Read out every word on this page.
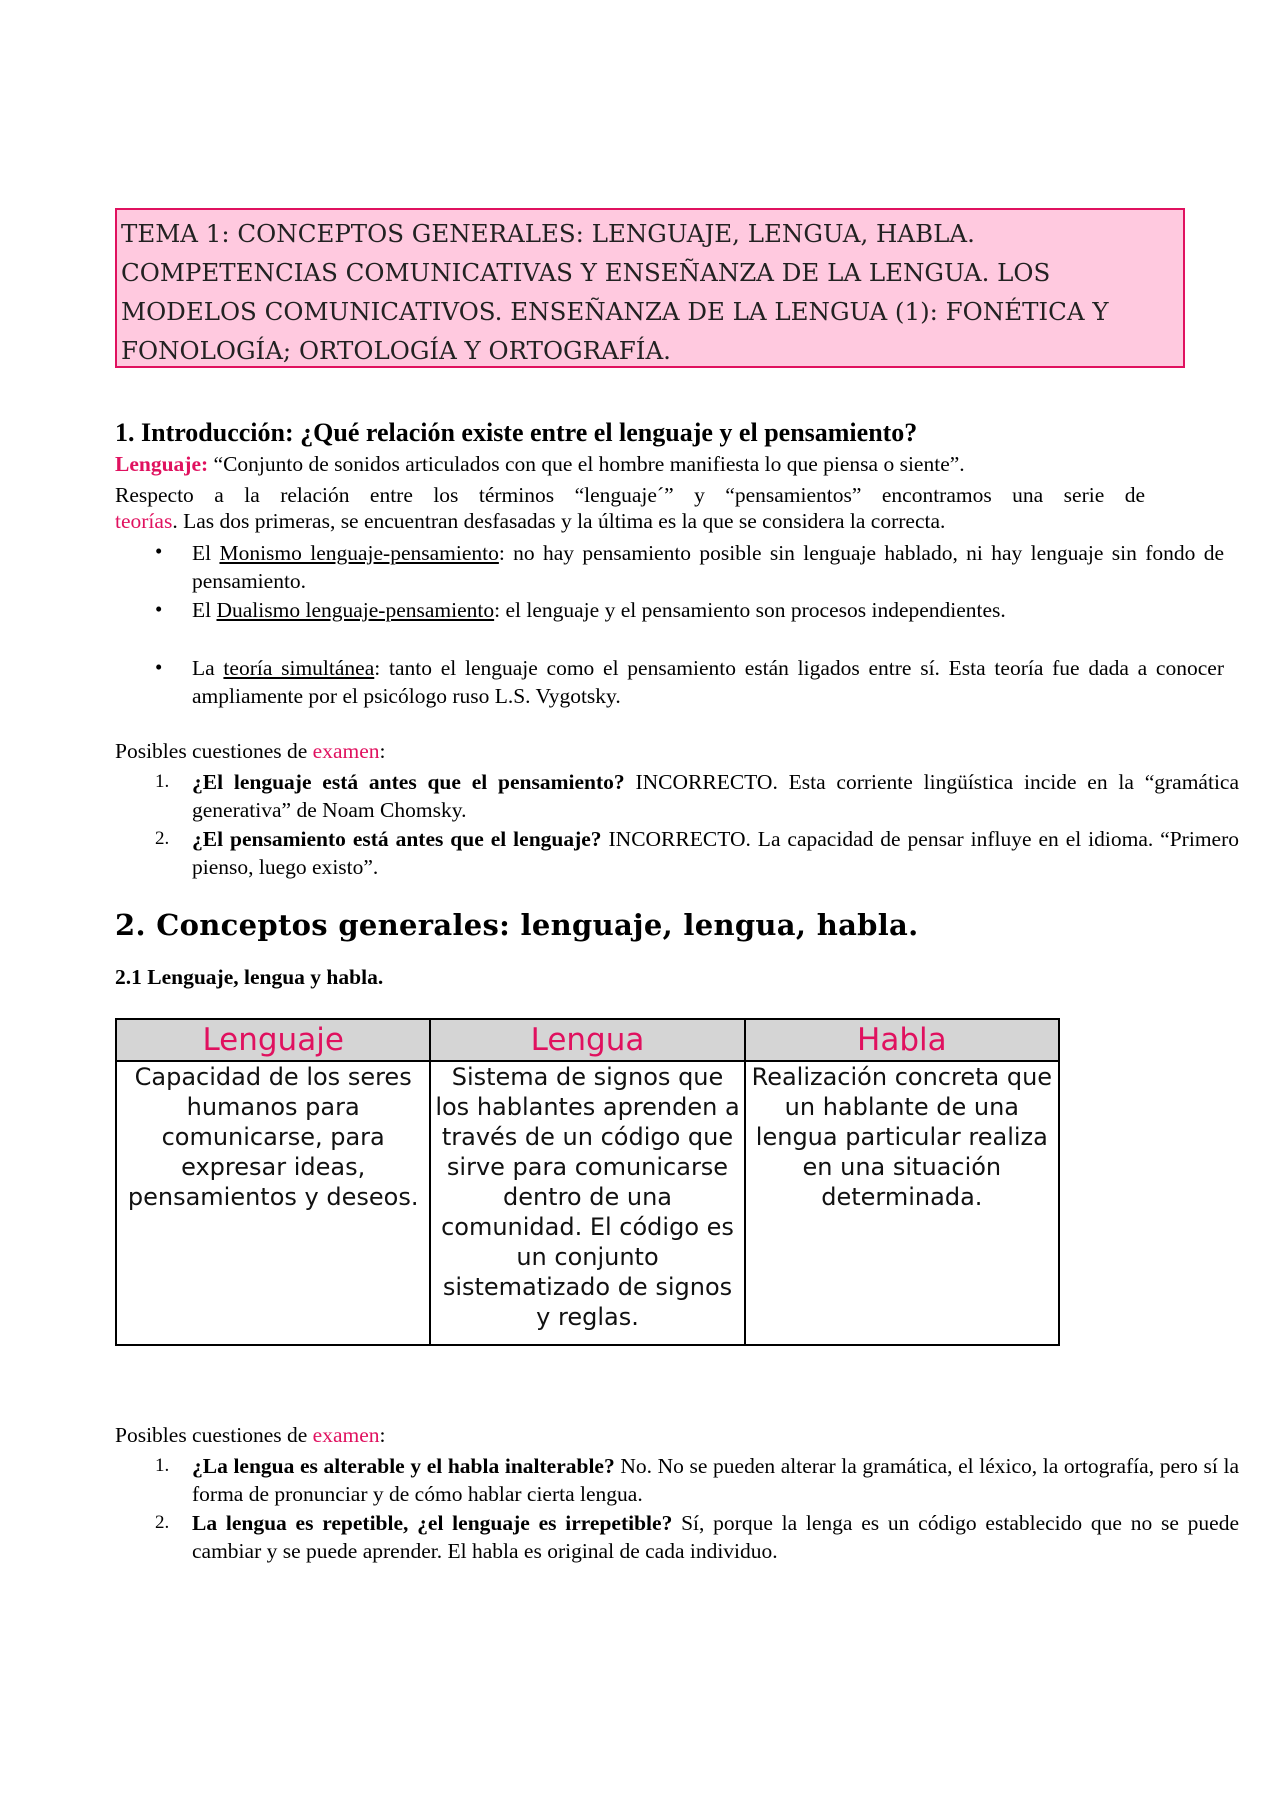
TEMA 1: CONCEPTOS GENERALES: LENGUAJE, LENGUA, HABLA. COMPETENCIAS COMUNICATIVAS Y ENSEÑANZA DE LA LENGUA. LOS MODELOS COMUNICATIVOS. ENSEÑANZA DE LA LENGUA (1): FONÉTICA Y FONOLOGÍA; ORTOLOGÍA Y ORTOGRAFÍA.
1. Introducción: ¿Qué relación existe entre el lenguaje y el pensamiento?
Lenguaje: “Conjunto de sonidos articulados con que el hombre manifiesta lo que piensa o siente”.
Respecto a la relación entre los términos “lenguaje´” y “pensamientos” encontramos una serie de
teorías. Las dos primeras, se encuentran desfasadas y la última es la que se considera la correcta.
• El Monismo lenguaje-pensamiento: no hay pensamiento posible sin lenguaje hablado, ni hay lenguaje sin fondo de pensamiento.
• El Dualismo lenguaje-pensamiento: el lenguaje y el pensamiento son procesos independientes.
• La teoría simultánea: tanto el lenguaje como el pensamiento están ligados entre sí. Esta teoría fue dada a conocer ampliamente por el psicólogo ruso L.S. Vygotsky.
Posibles cuestiones de examen:
1. ¿El lenguaje está antes que el pensamiento? INCORRECTO. Esta corriente lingüística incide en la “gramática generativa” de Noam Chomsky.
2. ¿El pensamiento está antes que el lenguaje? INCORRECTO. La capacidad de pensar influye en el idioma. “Primero pienso, luego existo”.
2. Conceptos generales: lenguaje, lengua, habla.
2.1 Lenguaje, lengua y habla.
Lenguaje	Lengua	Habla
Capacidad de los seres humanos para comunicarse, para expresar ideas, pensamientos y deseos.	Sistema de signos que los hablantes aprenden a través de un código que sirve para comunicarse dentro de una comunidad. El código es un conjunto sistematizado de signos y reglas.	Realización concreta que un hablante de una lengua particular realiza en una situación determinada.
Posibles cuestiones de examen:
1. ¿La lengua es alterable y el habla inalterable? No. No se pueden alterar la gramática, el léxico, la ortografía, pero sí la forma de pronunciar y de cómo hablar cierta lengua.
2. La lengua es repetible, ¿el lenguaje es irrepetible? Sí, porque la lenga es un código establecido que no se puede cambiar y se puede aprender. El habla es original de cada individuo.
